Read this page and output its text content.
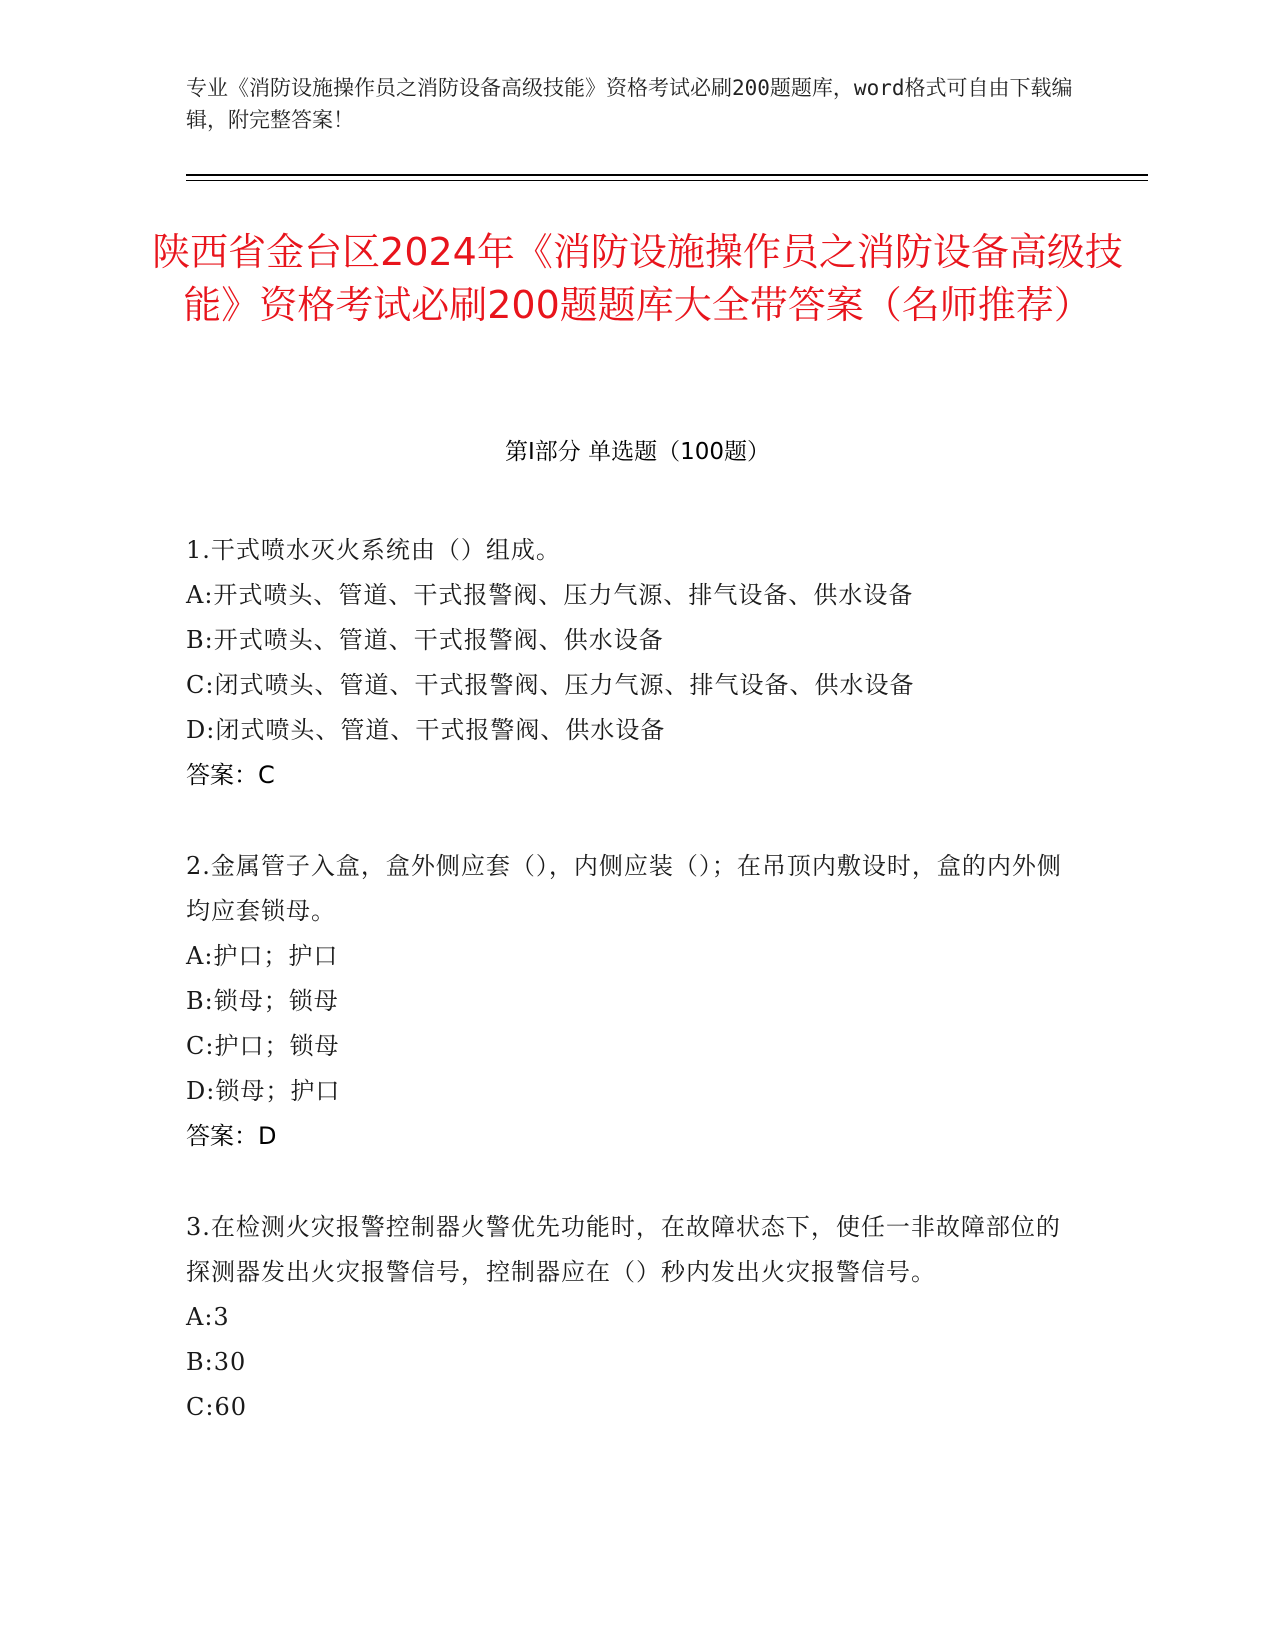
专业《消防设施操作员之消防设备高级技能》资格考试必刷200题题库，word格式可自由下载编辑，附完整答案！
陕西省金台区2024年《消防设施操作员之消防设备高级技能》资格考试必刷200题题库大全带答案（名师推荐）
第I部分 单选题（100题）
1.干式喷水灭火系统由（）组成。
A:开式喷头、管道、干式报警阀、压力气源、排气设备、供水设备
B:开式喷头、管道、干式报警阀、供水设备
C:闭式喷头、管道、干式报警阀、压力气源、排气设备、供水设备
D:闭式喷头、管道、干式报警阀、供水设备
答案：C
2.金属管子入盒，盒外侧应套（），内侧应装（）；在吊顶内敷设时，盒的内外侧均应套锁母。
A:护口；护口
B:锁母；锁母
C:护口；锁母
D:锁母；护口
答案：D
3.在检测火灾报警控制器火警优先功能时，在故障状态下，使任一非故障部位的探测器发出火灾报警信号，控制器应在（）秒内发出火灾报警信号。
A:3
B:30
C:60
